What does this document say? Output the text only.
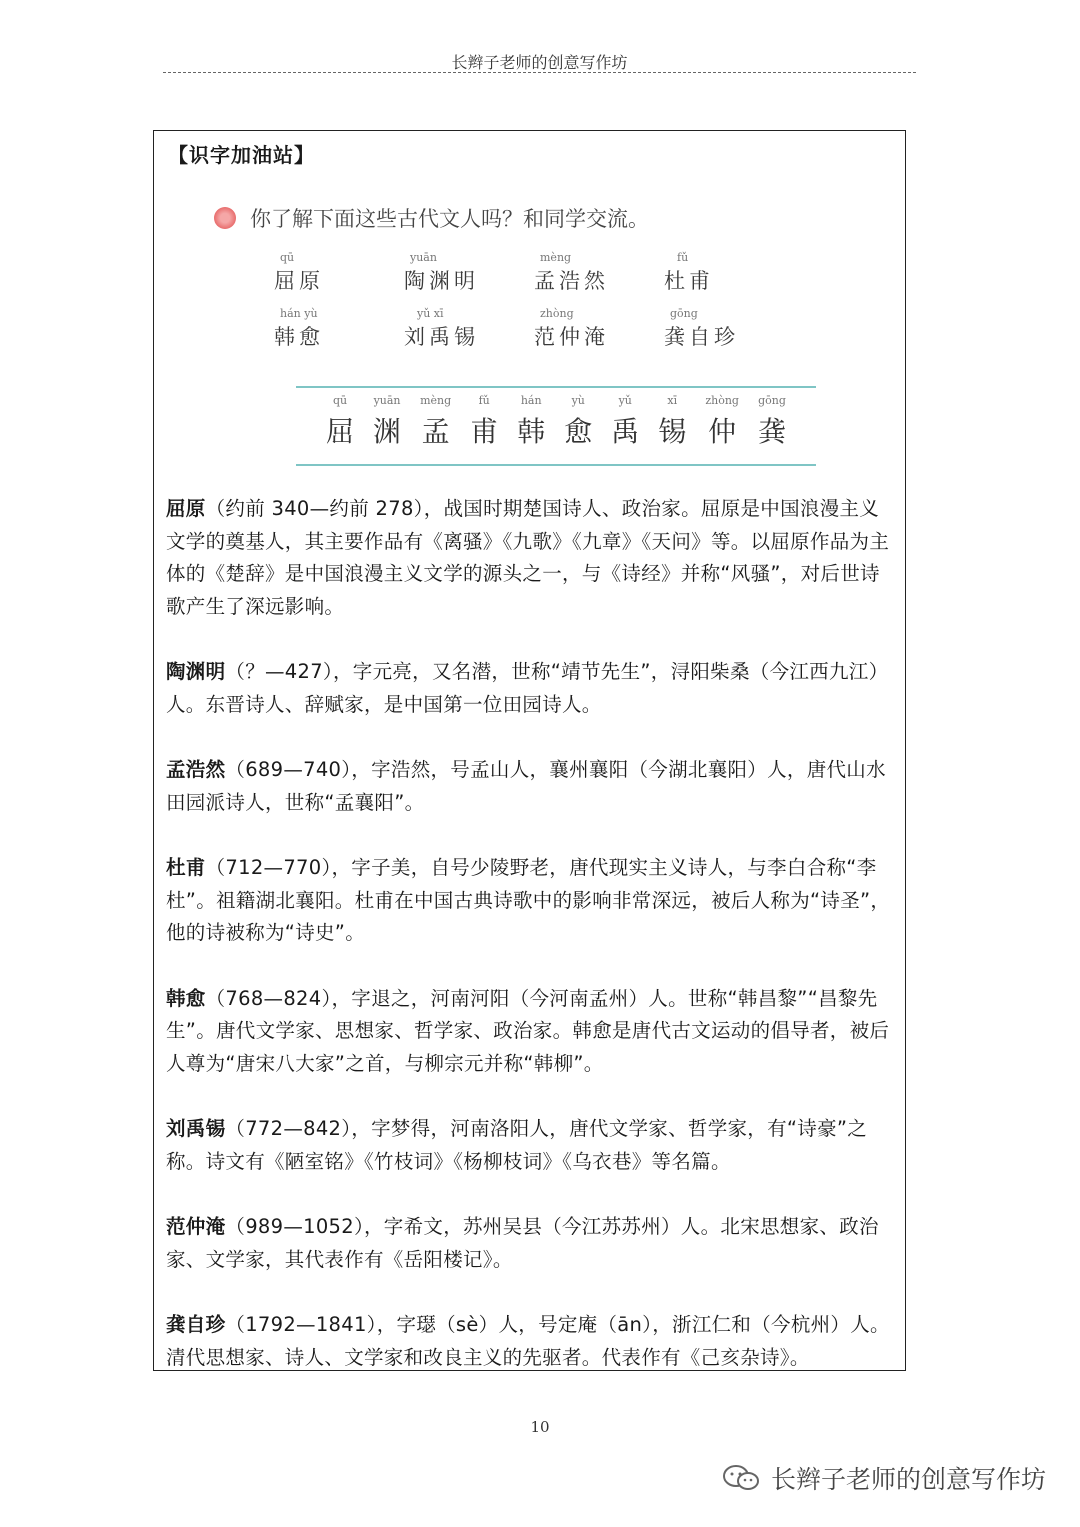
长辫子老师的创意写作坊
【识字加油站】
你了解下面这些古代文人吗？和同学交流。
qū
屈原
yuān
陶渊明
mèng
孟浩然
fǔ
杜甫
hán yù
韩愈
yǔ xī
刘禹锡
zhòng
范仲淹
gōng
龚自珍
qū
屈
yuān
渊
mèng
孟
fǔ
甫
hán
韩
yù
愈
yǔ
禹
xī
锡
zhòng
仲
gōng
龚

屈原（约前 340—约前 278），战国时期楚国诗人、政治家。屈原是中国浪漫主义文学的奠基人，其主要作品有《离骚》《九歌》《九章》《天问》等。以屈原作品为主体的《楚辞》是中国浪漫主义文学的源头之一，与《诗经》并称“风骚”，对后世诗歌产生了深远影响。

陶渊明（？—427），字元亮，又名潜，世称“靖节先生”，浔阳柴桑（今江西九江）人。东晋诗人、辞赋家，是中国第一位田园诗人。

孟浩然（689—740），字浩然，号孟山人，襄州襄阳（今湖北襄阳）人，唐代山水田园派诗人，世称“孟襄阳”。

杜甫（712—770），字子美，自号少陵野老，唐代现实主义诗人，与李白合称“李杜”。祖籍湖北襄阳。杜甫在中国古典诗歌中的影响非常深远，被后人称为“诗圣”，他的诗被称为“诗史”。

韩愈（768—824），字退之，河南河阳（今河南孟州）人。世称“韩昌黎”“昌黎先生”。唐代文学家、思想家、哲学家、政治家。韩愈是唐代古文运动的倡导者，被后人尊为“唐宋八大家”之首，与柳宗元并称“韩柳”。

刘禹锡（772—842），字梦得，河南洛阳人，唐代文学家、哲学家，有“诗豪”之称。诗文有《陋室铭》《竹枝词》《杨柳枝词》《乌衣巷》等名篇。

范仲淹（989—1052），字希文，苏州吴县（今江苏苏州）人。北宋思想家、政治家、文学家，其代表作有《岳阳楼记》。

龚自珍（1792—1841），字璱（sè）人，号定庵（ān），浙江仁和（今杭州）人。清代思想家、诗人、文学家和改良主义的先驱者。代表作有《己亥杂诗》。

10
长辫子老师的创意写作坊
